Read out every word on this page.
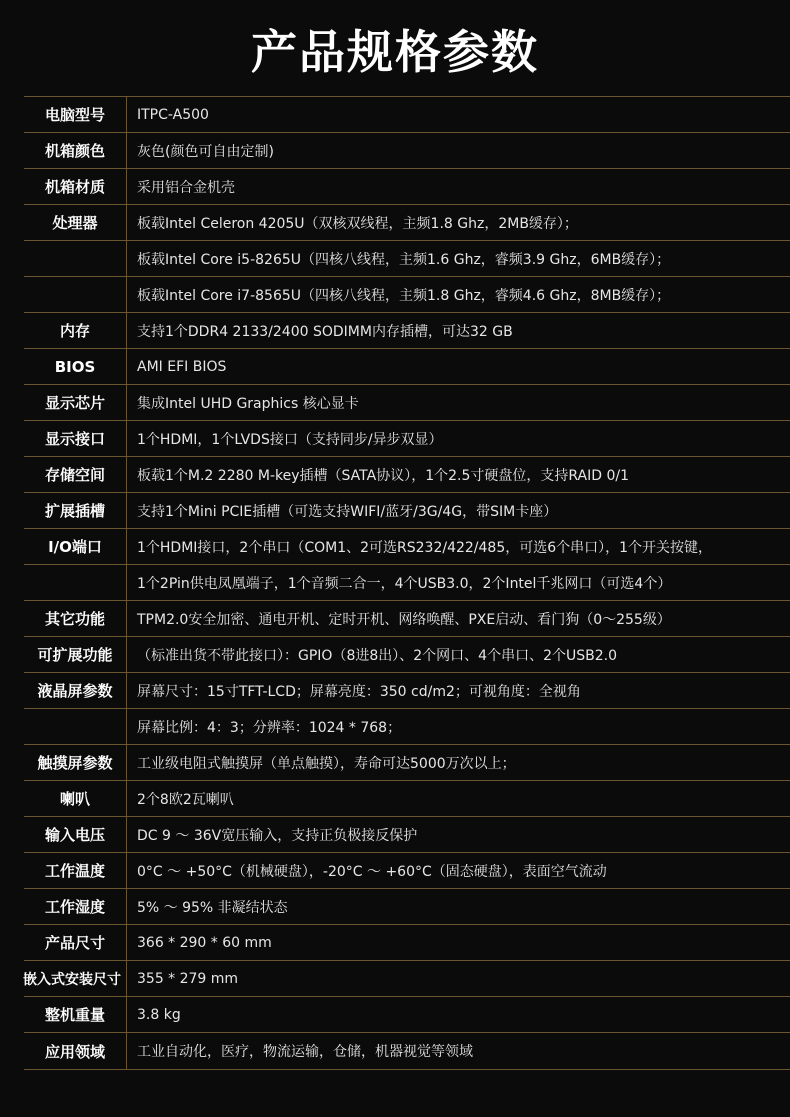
产品规格参数
电脑型号	ITPC-A500
机箱颜色	灰色(颜色可自由定制)
机箱材质	采用铝合金机壳
处理器	板载Intel Celeron 4205U（双核双线程，主频1.8 Ghz，2MB缓存）；
板载Intel Core i5-8265U（四核八线程，主频1.6 Ghz，睿频3.9 Ghz，6MB缓存）；
板载Intel Core i7-8565U（四核八线程，主频1.8 Ghz，睿频4.6 Ghz，8MB缓存）；
内存	支持1个DDR4 2133/2400 SODIMM内存插槽，可达32 GB
BIOS	AMI EFI BIOS
显示芯片	集成Intel UHD Graphics 核心显卡
显示接口	1个HDMI，1个LVDS接口（支持同步/异步双显）
存储空间	板载1个M.2 2280 M-key插槽（SATA协议），1个2.5寸硬盘位，支持RAID 0/1
扩展插槽	支持1个Mini PCIE插槽（可选支持WIFI/蓝牙/3G/4G，带SIM卡座）
I/O端口	1个HDMI接口，2个串口（COM1、2可选RS232/422/485，可选6个串口），1个开关按键，
1个2Pin供电凤凰端子，1个音频二合一，4个USB3.0，2个Intel千兆网口（可选4个）
其它功能	TPM2.0安全加密、通电开机、定时开机、网络唤醒、PXE启动、看门狗（0～255级）
可扩展功能	（标准出货不带此接口）：GPIO（8进8出）、2个网口、4个串口、2个USB2.0
液晶屏参数	屏幕尺寸：15寸TFT-LCD；屏幕亮度：350 cd/m2；可视角度：全视角
屏幕比例：4：3；分辨率：1024 * 768；
触摸屏参数	工业级电阻式触摸屏（单点触摸），寿命可达5000万次以上；
喇叭	2个8欧2瓦喇叭
输入电压	DC 9 ～ 36V宽压输入，支持正负极接反保护
工作温度	0°C ～ +50°C（机械硬盘），-20°C ～ +60°C（固态硬盘），表面空气流动
工作湿度	5% ～ 95% 非凝结状态
产品尺寸	366 * 290 * 60 mm
嵌入式安装尺寸	355 * 279 mm
整机重量	3.8 kg
应用领域	工业自动化，医疗，物流运输，仓储，机器视觉等领域
